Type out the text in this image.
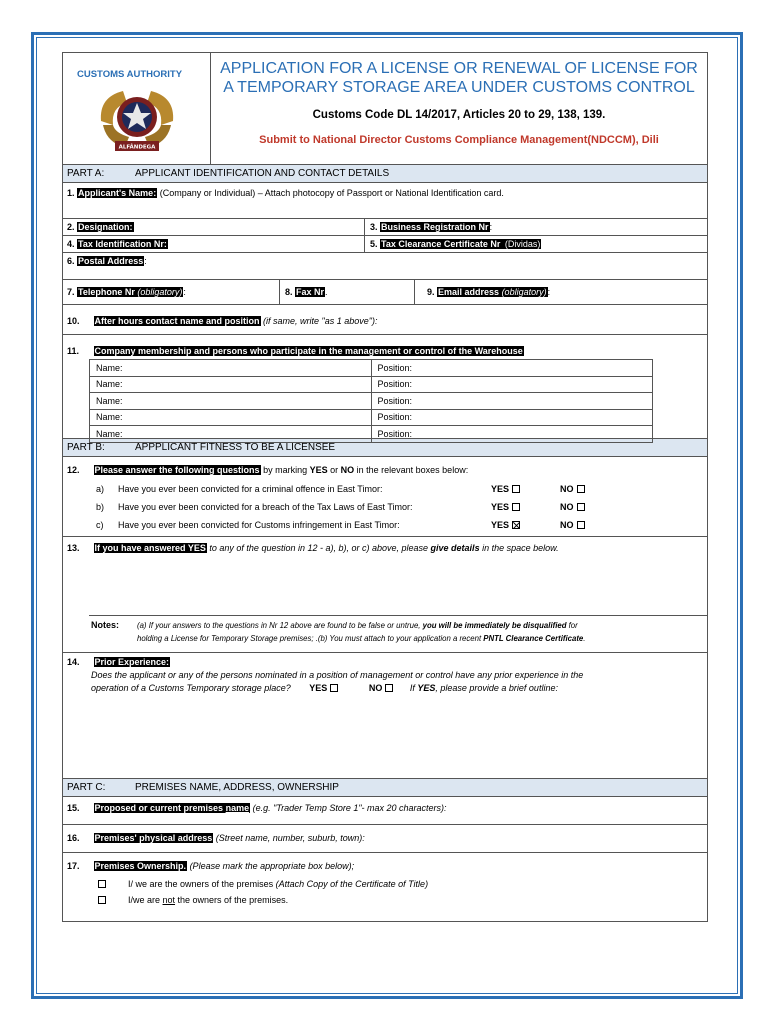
CUSTOMS AUTHORITY
ALFÂNDEGA
APPLICATION FOR A LICENSE OR RENEWAL OF LICENSE FOR A TEMPORARY STORAGE AREA UNDER CUSTOMS CONTROL
Customs Code DL 14/2017, Articles 20 to 29, 138, 139.
Submit to National Director Customs Compliance Management(NDCCM), Dili
PART A:	APPLICANT IDENTIFICATION AND CONTACT DETAILS
1. Applicant's Name: (Company or Individual) – Attach photocopy of Passport or National Identification card.
2. Designation:	3. Business Registration Nr:
4. Tax Identification Nr:	5. Tax Clearance Certificate Nr (Dividas)
6. Postal Address:
7. Telephone Nr (obligatory):	8. Fax Nr.	9. Email address (obligatory):
10. After hours contact name and position (if same, write "as 1 above"):
11. Company membership and persons who participate in the management or control of the Warehouse
Name:	Position:
Name:	Position:
Name:	Position:
Name:	Position:
Name:	Position:
PART B:	APPPLICANT FITNESS TO BE A LICENSEE
12. Please answer the following questions by marking YES or NO in the relevant boxes below:
a) Have you ever been convicted for a criminal offence in East Timor:	YES	NO
b) Have you ever been convicted for a breach of the Tax Laws of East Timor:	YES	NO
c) Have you ever been convicted for Customs infringement in East Timor:	YES	NO
13. If you have answered YES to any of the question in 12 - a), b), or c) above, please give details in the space below.
Notes: (a) If your answers to the questions in Nr 12 above are found to be false or untrue, you will be immediately be disqualified for
holding a License for Temporary Storage premises; .(b) You must attach to your application a recent PNTL Clearance Certificate.
14. Prior Experience:
Does the applicant or any of the persons nominated in a position of management or control have any prior experience in the
operation of a Customs Temporary storage place? YES	NO	If YES, please provide a brief outline:
PART C:	PREMISES NAME, ADDRESS, OWNERSHIP
15. Proposed or current premises name (e.g. "Trader Temp Store 1"- max 20 characters):
16. Premises' physical address (Street name, number, suburb, town):
17. Premises Ownership. (Please mark the appropriate box below);
I/ we are the owners of the premises (Attach Copy of the Certificate of Title)
I/we are not the owners of the premises.
